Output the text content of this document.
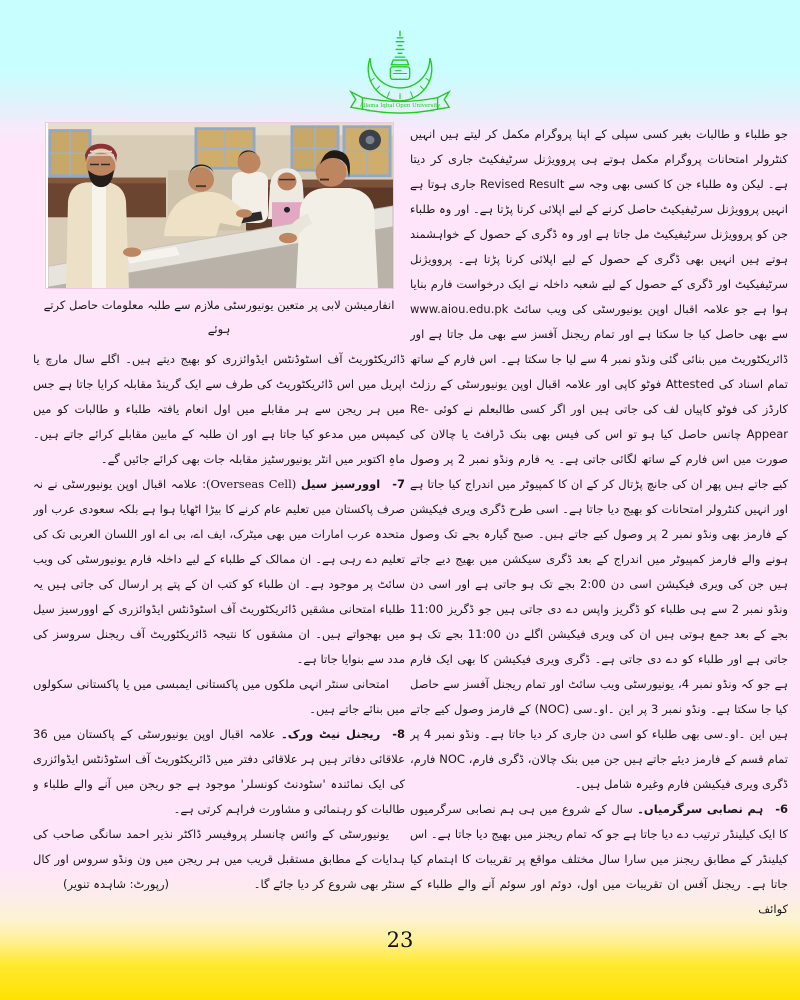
Allama Iqbal Open University

انفارمیشن لابی پر متعین یونیورسٹی ملازم سے طلبہ معلومات حاصل کرتے ہوئے

ڈائریکٹوریٹ آف اسٹوڈنٹس ایڈوائزری کو بھیج دیتے ہیں۔ اگلے سال مارچ یا اپریل میں اس ڈائریکٹوریٹ کی طرف سے ایک گرینڈ مقابلہ کرایا جاتا ہے جس میں ہر ریجن سے ہر مقابلے میں اول انعام یافتہ طلباء و طالبات کو میں کیمپس میں مدعو کیا جاتا ہے اور ان طلبہ کے مابین مقابلے کرائے جاتے ہیں۔ ماہِ اکتوبر میں انٹر یونیورسٹیز مقابلہ جات بھی کرائے جائیں گے۔

7-اوورسیز سیل (Overseas Cell): علامہ اقبال اوپن یونیورسٹی نے نہ صرف پاکستان میں تعلیم عام کرنے کا بیڑا اٹھایا ہوا ہے بلکہ سعودی عرب اور متحدہ عرب امارات میں بھی میٹرک، ایف اے، بی اے اور اللسان العربی تک کی تعلیم دے رہی ہے۔ ان ممالک کے طلباء کے لیے داخلہ فارم یونیورسٹی کی ویب سائٹ پر موجود ہے۔ ان طلباء کو کتب ان کے پتے پر ارسال کی جاتی ہیں یہ طلباء امتحانی مشقیں ڈائریکٹوریٹ آف اسٹوڈنٹس ایڈوائزری کے اوورسیز سیل میں بھجواتے ہیں۔ ان مشقوں کا نتیجہ ڈائریکٹوریٹ آف ریجنل سروسز کی مدد سے بنوایا جاتا ہے۔

امتحانی سنٹر انہی ملکوں میں پاکستانی ایمبسی میں یا پاکستانی سکولوں میں بنائے جاتے ہیں۔

8-ریجنل نیٹ ورک۔ علامہ اقبال اوپن یونیورسٹی کے پاکستان میں 36 علاقائی دفاتر ہیں ہر علاقائی دفتر میں ڈائریکٹوریٹ آف اسٹوڈنٹس ایڈوائزری کی ایک نمائندہ 'سٹودنٹ کونسلر' موجود ہے جو ریجن میں آنے والے طلباء و طالبات کو رہنمائی و مشاورت فراہم کرتی ہے۔

یونیورسٹی کے وائس چانسلر پروفیسر ڈاکٹر نذیر احمد سانگی صاحب کی ہدایات کے مطابق مستقبل قریب میں ہر ریجن میں ون ونڈو سروس اور کال سنٹر بھی شروع کر دیا جائے گا۔
(رپورٹ: شاہدہ تنویر)

جو طلباء و طالبات بغیر کسی سپلی کے اپنا پروگرام مکمل کر لیتے ہیں انہیں کنٹرولر امتحانات پروگرام مکمل ہوتے ہی پروویژنل سرٹیفکیٹ جاری کر دیتا ہے۔ لیکن وہ طلباء جن کا کسی بھی وجہ سے Revised Result جاری ہوتا ہے انہیں پروویژنل سرٹیفیکیٹ حاصل کرنے کے لیے اپلائی کرنا پڑتا ہے۔ اور وہ طلباء جن کو پروویژنل سرٹیفیکیٹ مل جاتا ہے اور وہ ڈگری کے حصول کے خواہشمند ہوتے ہیں انہیں بھی ڈگری کے حصول کے لیے اپلائی کرنا پڑتا ہے۔ پروویژنل سرٹیفیکیٹ اور ڈگری کے حصول کے لیے شعبہ داخلہ نے ایک درخواست فارم بنایا ہوا ہے جو علامہ اقبال اوپن یونیورسٹی کی ویب سائٹ www.aiou.edu.pk سے بھی حاصل کیا جا سکتا ہے اور تمام ریجنل آفسز سے بھی مل جاتا ہے اور ڈائریکٹوریٹ میں بنائی گئی ونڈو نمبر 4 سے لیا جا سکتا ہے۔ اس فارم کے ساتھ تمام اسناد کی Attested فوٹو کاپی اور علامہ اقبال اوپن یونیورسٹی کے رزلٹ کارڈز کی فوٹو کاپیاں لف کی جاتی ہیں اور اگر کسی طالبعلم نے کوئی Re-Appear چانس حاصل کیا ہو تو اس کی فیس بھی بنک ڈرافٹ یا چالان کی صورت میں اس فارم کے ساتھ لگائی جاتی ہے۔ یہ فارم ونڈو نمبر 2 پر وصول کیے جاتے ہیں پھر ان کی جانچ پڑتال کر کے ان کا کمپیوٹر میں اندراج کیا جاتا ہے اور انہیں کنٹرولر امتحانات کو بھیج دیا جاتا ہے۔ اسی طرح ڈگری ویری فیکیشن کے فارمز بھی ونڈو نمبر 2 پر وصول کیے جاتے ہیں۔ صبح گیارہ بجے تک وصول ہونے والے فارمز کمپیوٹر میں اندراج کے بعد ڈگری سیکشن میں بھیج دیے جاتے ہیں جن کی ویری فیکیشن اسی دن 2:00 بجے تک ہو جاتی ہے اور اسی دن ونڈو نمبر 2 سے ہی طلباء کو ڈگریز واپس دے دی جاتی ہیں جو ڈگریز 11:00 بجے کے بعد جمع ہوتی ہیں ان کی ویری فیکیشن اگلے دن 11:00 بجے تک ہو جاتی ہے اور طلباء کو دے دی جاتی ہے۔ ڈگری ویری فیکیشن کا بھی ایک فارم ہے جو کہ ونڈو نمبر 4، یونیورسٹی ویب سائٹ اور تمام ریجنل آفسز سے حاصل کیا جا سکتا ہے۔ ونڈو نمبر 3 پر این ۔او۔سی (NOC) کے فارمز وصول کیے جاتے ہیں این ۔او۔سی بھی طلباء کو اسی دن جاری کر دیا جاتا ہے۔ ونڈو نمبر 4 پر تمام قسم کے فارمز دیئے جاتے ہیں جن میں بنک چالان، ڈگری فارم، NOC فارم، ڈگری ویری فیکیشن فارم وغیرہ شامل ہیں۔

6-ہم نصابی سرگرمیاں۔ سال کے شروع میں ہی ہم نصابی سرگرمیوں کا ایک کیلینڈر ترتیب دے دیا جاتا ہے جو کہ تمام ریجنز میں بھیج دیا جاتا ہے۔ اس کیلینڈر کے مطابق ریجنز میں سارا سال مختلف مواقع پر تقریبات کا اہتمام کیا جاتا ہے۔ ریجنل آفس ان تقریبات میں اول، دوئم اور سوئم آنے والے طلباء کے کوائف

23
